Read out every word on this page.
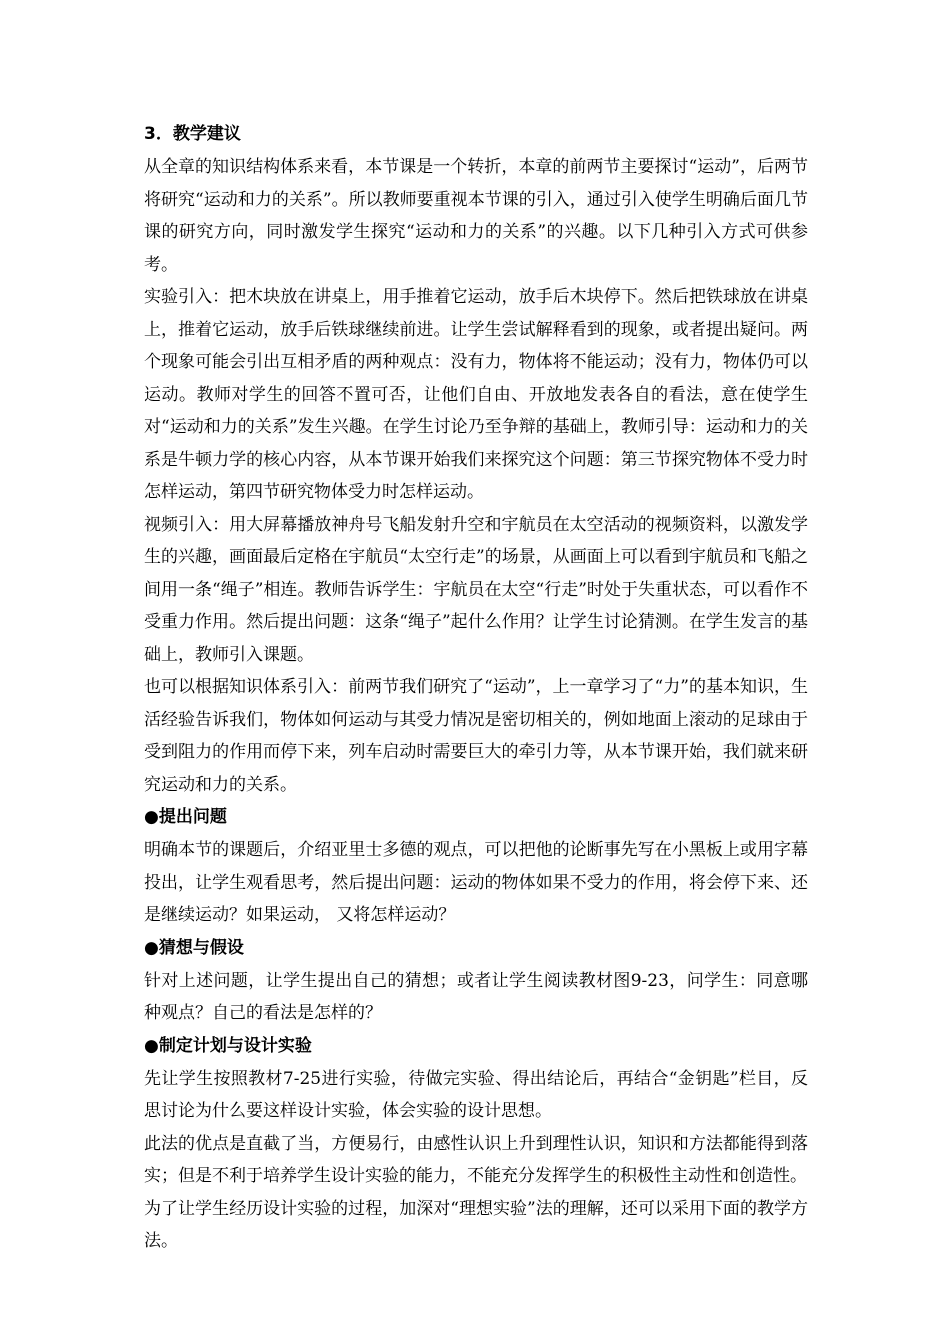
3．教学建议

从全章的知识结构体系来看，本节课是一个转折，本章的前两节主要探讨“运动”，后两节将研究“运动和力的关系”。所以教师要重视本节课的引入，通过引入使学生明确后面几节课的研究方向，同时激发学生探究“运动和力的关系”的兴趣。以下几种引入方式可供参考。

实验引入：把木块放在讲桌上，用手推着它运动，放手后木块停下。然后把铁球放在讲桌上，推着它运动，放手后铁球继续前进。让学生尝试解释看到的现象，或者提出疑问。两个现象可能会引出互相矛盾的两种观点：没有力，物体将不能运动；没有力，物体仍可以运动。教师对学生的回答不置可否，让他们自由、开放地发表各自的看法，意在使学生对“运动和力的关系”发生兴趣。在学生讨论乃至争辩的基础上，教师引导：运动和力的关系是牛顿力学的核心内容，从本节课开始我们来探究这个问题：第三节探究物体不受力时怎样运动，第四节研究物体受力时怎样运动。

视频引入：用大屏幕播放神舟号飞船发射升空和宇航员在太空活动的视频资料，以激发学生的兴趣，画面最后定格在宇航员“太空行走”的场景，从画面上可以看到宇航员和飞船之间用一条“绳子”相连。教师告诉学生：宇航员在太空“行走”时处于失重状态，可以看作不受重力作用。然后提出问题：这条“绳子”起什么作用？让学生讨论猜测。在学生发言的基础上，教师引入课题。

也可以根据知识体系引入：前两节我们研究了“运动”，上一章学习了“力”的基本知识，生活经验告诉我们，物体如何运动与其受力情况是密切相关的，例如地面上滚动的足球由于受到阻力的作用而停下来，列车启动时需要巨大的牵引力等，从本节课开始，我们就来研究运动和力的关系。

●提出问题

明确本节的课题后，介绍亚里士多德的观点，可以把他的论断事先写在小黑板上或用字幕投出，让学生观看思考，然后提出问题：运动的物体如果不受力的作用，将会停下来、还是继续运动？如果运动， 又将怎样运动？

●猜想与假设

针对上述问题，让学生提出自己的猜想；或者让学生阅读教材图9-23，问学生：同意哪种观点？自己的看法是怎样的？

●制定计划与设计实验

先让学生按照教材7-25进行实验，待做完实验、得出结论后，再结合“金钥匙”栏目，反思讨论为什么要这样设计实验，体会实验的设计思想。

此法的优点是直截了当，方便易行，由感性认识上升到理性认识，知识和方法都能得到落实；但是不利于培养学生设计实验的能力，不能充分发挥学生的积极性主动性和创造性。

为了让学生经历设计实验的过程，加深对“理想实验”法的理解，还可以采用下面的教学方法。
